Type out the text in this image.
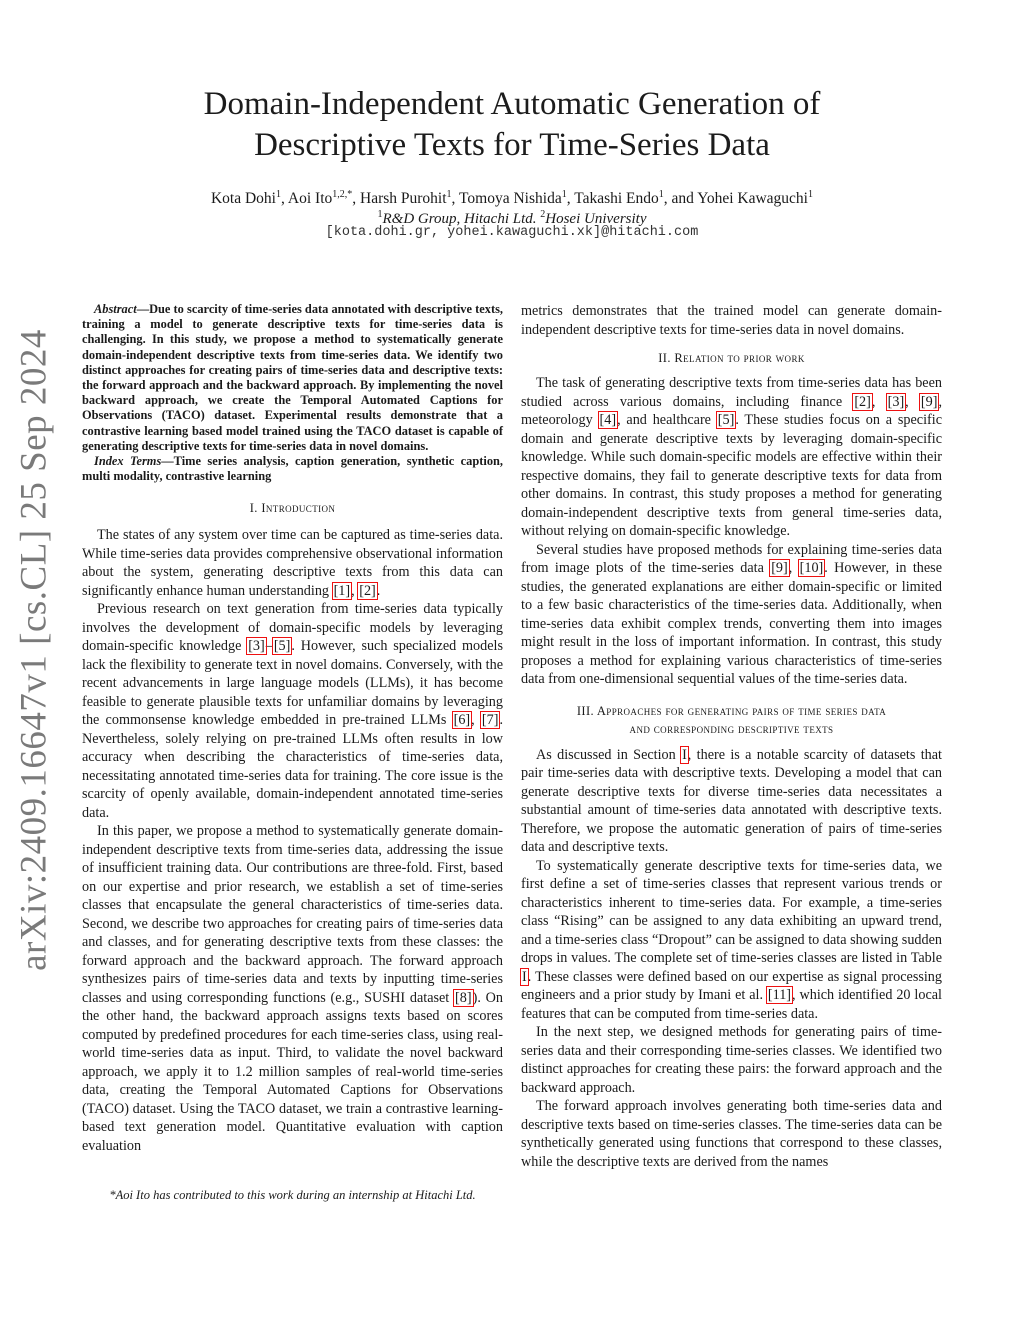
arXiv:2409.16647v1 [cs.CL] 25 Sep 2024
Domain-Independent Automatic Generation of
Descriptive Texts for Time-Series Data
Kota Dohi$^1$, Aoi Ito$^{1,2,*}$, Harsh Purohit$^1$, Tomoya Nishida$^1$, Takashi Endo$^1$, and Yohei Kawaguchi$^1$
$^1$R&D Group, Hitachi Ltd. $^2$Hosei University
[kota.dohi.gr, yohei.kawaguchi.xk]@hitachi.com

Abstract—Due to scarcity of time-series data annotated with descriptive texts, training a model to generate descriptive texts for time-series data is challenging. In this study, we propose a method to systematically generate domain-independent descriptive texts from time-series data. We identify two distinct approaches for creating pairs of time-series data and descriptive texts: the forward approach and the backward approach. By implementing the novel backward approach, we create the Temporal Automated Captions for Observations (TACO) dataset. Experimental results demonstrate that a contrastive learning based model trained using the TACO dataset is capable of generating descriptive texts for time-series data in novel domains.

Index Terms—Time series analysis, caption generation, synthetic caption, multi modality, contrastive learning

I. Introduction

The states of any system over time can be captured as time-series data. While time-series data provides comprehensive observational information about the system, generating descriptive texts from this data can significantly enhance human understanding [1], [2].

Previous research on text generation from time-series data typically involves the development of domain-specific models by leveraging domain-specific knowledge [3]–[5]. However, such specialized models lack the flexibility to generate text in novel domains. Conversely, with the recent advancements in large language models (LLMs), it has become feasible to generate plausible texts for unfamiliar domains by leveraging the commonsense knowledge embedded in pre-trained LLMs [6], [7]. Nevertheless, solely relying on pre-trained LLMs often results in low accuracy when describing the characteristics of time-series data, necessitating annotated time-series data for training. The core issue is the scarcity of openly available, domain-independent annotated time-series data.

In this paper, we propose a method to systematically generate domain-independent descriptive texts from time-series data, addressing the issue of insufficient training data. Our contributions are three-fold. First, based on our expertise and prior research, we establish a set of time-series classes that encapsulate the general characteristics of time-series data. Second, we describe two approaches for creating pairs of time-series data and classes, and for generating descriptive texts from these classes: the forward approach and the backward approach. The forward approach synthesizes pairs of time-series data and texts by inputting time-series classes and using corresponding functions (e.g., SUSHI dataset [8]). On the other hand, the backward approach assigns texts based on scores computed by predefined procedures for each time-series class, using real-world time-series data as input. Third, to validate the novel backward approach, we apply it to 1.2 million samples of real-world time-series data, creating the Temporal Automated Captions for Observations (TACO) dataset. Using the TACO dataset, we train a contrastive learning-based text generation model. Quantitative evaluation with caption evaluation

*Aoi Ito has contributed to this work during an internship at Hitachi Ltd.

metrics demonstrates that the trained model can generate domain-independent descriptive texts for time-series data in novel domains.

II. Relation to prior work

The task of generating descriptive texts from time-series data has been studied across various domains, including finance [2], [3], [9], meteorology [4], and healthcare [5]. These studies focus on a specific domain and generate descriptive texts by leveraging domain-specific knowledge. While such domain-specific models are effective within their respective domains, they fail to generate descriptive texts for data from other domains. In contrast, this study proposes a method for generating domain-independent descriptive texts from general time-series data, without relying on domain-specific knowledge.

Several studies have proposed methods for explaining time-series data from image plots of the time-series data [9], [10]. However, in these studies, the generated explanations are either domain-specific or limited to a few basic characteristics of the time-series data. Additionally, when time-series data exhibit complex trends, converting them into images might result in the loss of important information. In contrast, this study proposes a method for explaining various characteristics of time-series data from one-dimensional sequential values of the time-series data.

III. Approaches for generating pairs of time series data
and corresponding descriptive texts

As discussed in Section I, there is a notable scarcity of datasets that pair time-series data with descriptive texts. Developing a model that can generate descriptive texts for diverse time-series data necessitates a substantial amount of time-series data annotated with descriptive texts. Therefore, we propose the automatic generation of pairs of time-series data and descriptive texts.

To systematically generate descriptive texts for time-series data, we first define a set of time-series classes that represent various trends or characteristics inherent to time-series data. For example, a time-series class “Rising” can be assigned to any data exhibiting an upward trend, and a time-series class “Dropout” can be assigned to data showing sudden drops in values. The complete set of time-series classes are listed in Table I. These classes were defined based on our expertise as signal processing engineers and a prior study by Imani et al. [11], which identified 20 local features that can be computed from time-series data.

In the next step, we designed methods for generating pairs of time-series data and their corresponding time-series classes. We identified two distinct approaches for creating these pairs: the forward approach and the backward approach.

The forward approach involves generating both time-series data and descriptive texts based on time-series classes. The time-series data can be synthetically generated using functions that correspond to these classes, while the descriptive texts are derived from the names
